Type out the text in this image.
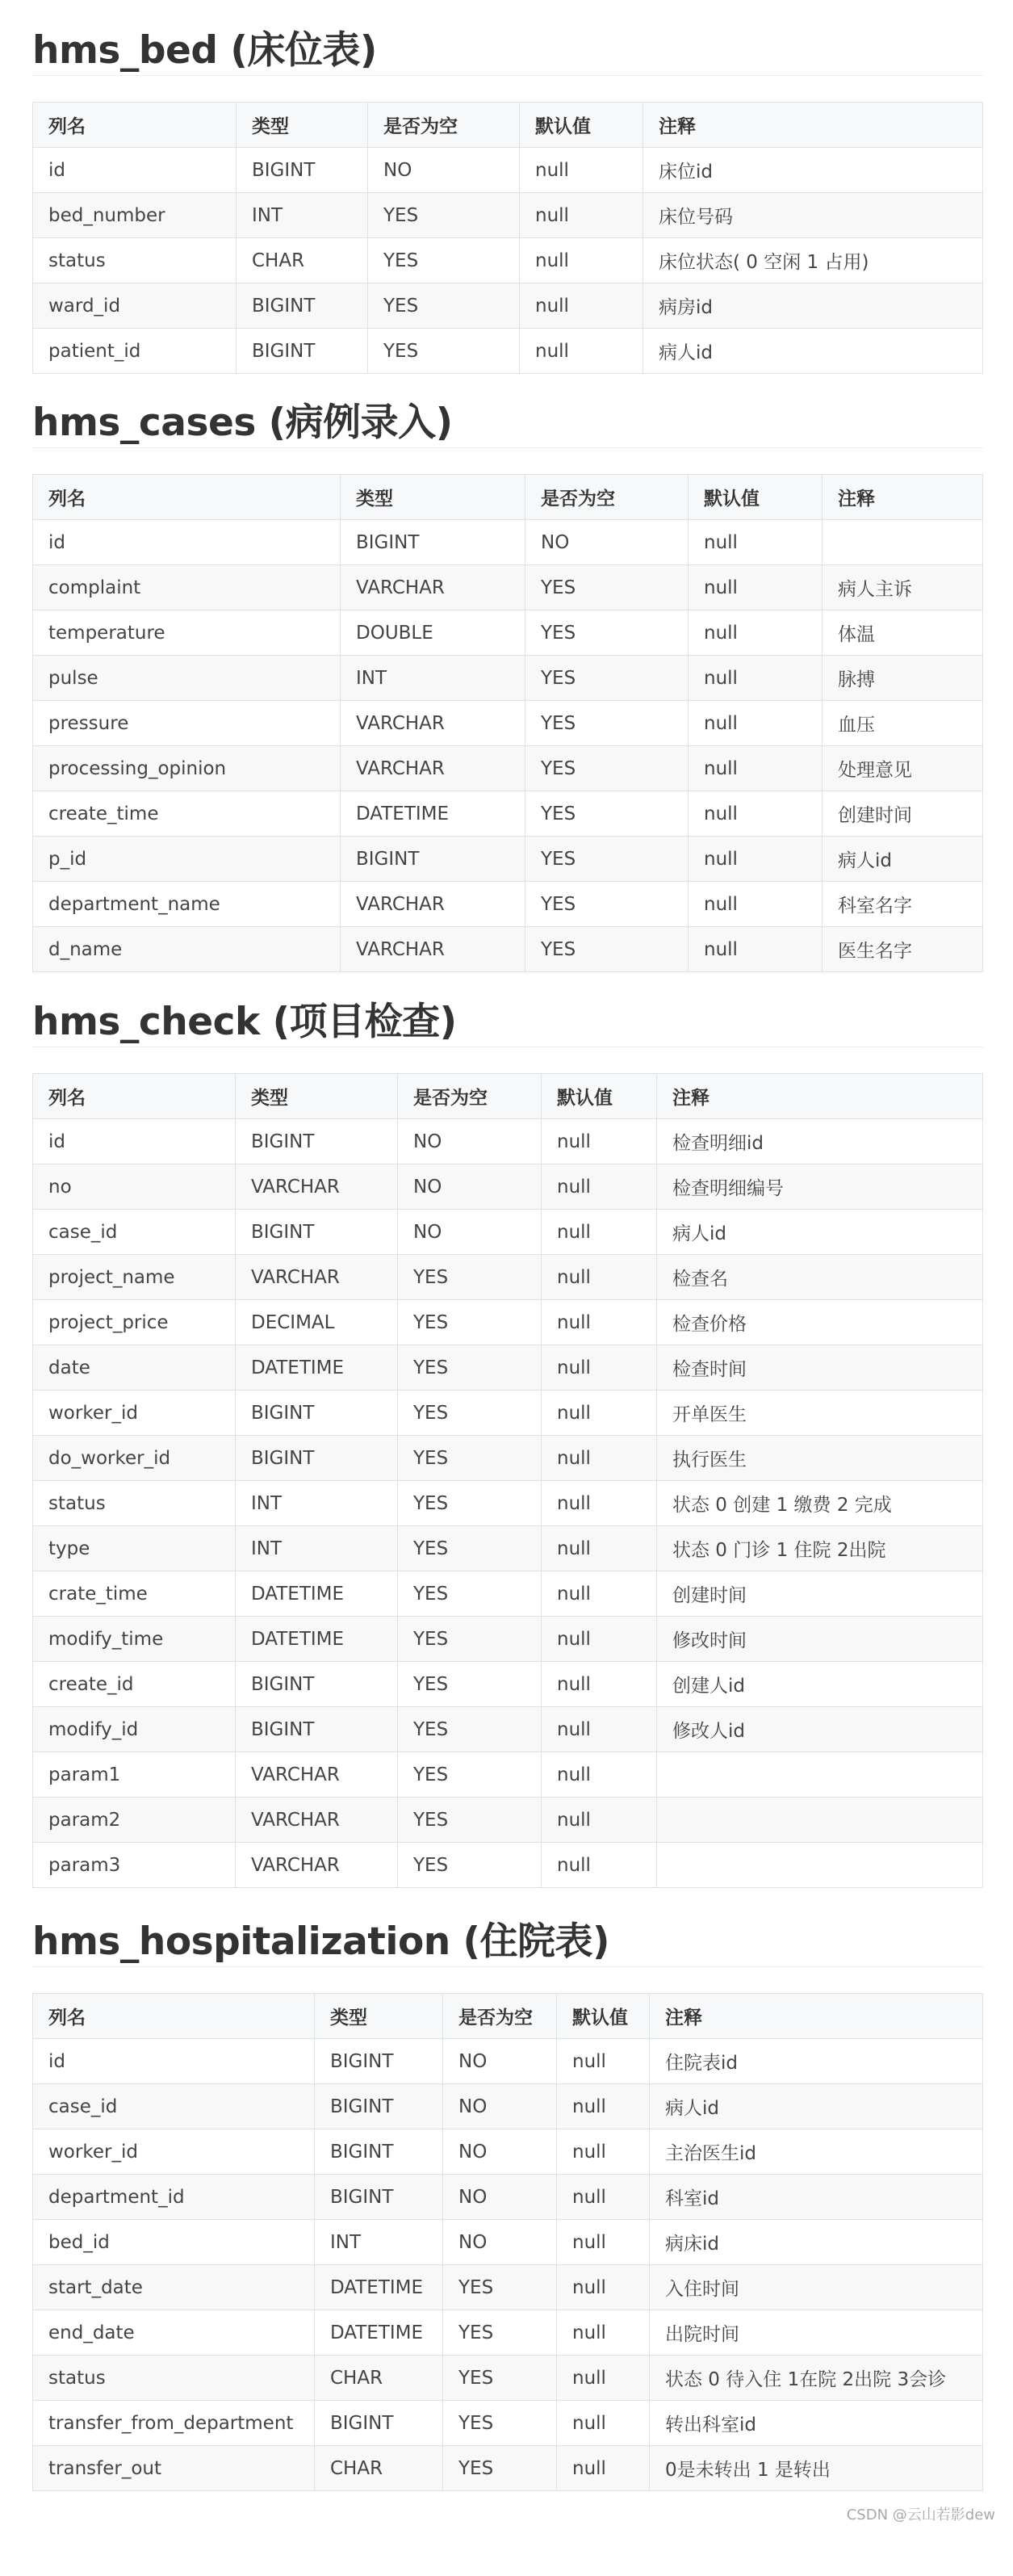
hms_bed (床位表)
列名	类型	是否为空	默认值	注释
id	BIGINT	NO	null	床位id
bed_number	INT	YES	null	床位号码
status	CHAR	YES	null	床位状态( 0 空闲 1 占用)
ward_id	BIGINT	YES	null	病房id
patient_id	BIGINT	YES	null	病人id
hms_cases (病例录入)
列名	类型	是否为空	默认值	注释
id	BIGINT	NO	null	
complaint	VARCHAR	YES	null	病人主诉
temperature	DOUBLE	YES	null	体温
pulse	INT	YES	null	脉搏
pressure	VARCHAR	YES	null	血压
processing_opinion	VARCHAR	YES	null	处理意见
create_time	DATETIME	YES	null	创建时间
p_id	BIGINT	YES	null	病人id
department_name	VARCHAR	YES	null	科室名字
d_name	VARCHAR	YES	null	医生名字
hms_check (项目检查)
列名	类型	是否为空	默认值	注释
id	BIGINT	NO	null	检查明细id
no	VARCHAR	NO	null	检查明细编号
case_id	BIGINT	NO	null	病人id
project_name	VARCHAR	YES	null	检查名
project_price	DECIMAL	YES	null	检查价格
date	DATETIME	YES	null	检查时间
worker_id	BIGINT	YES	null	开单医生
do_worker_id	BIGINT	YES	null	执行医生
status	INT	YES	null	状态 0 创建 1 缴费 2 完成
type	INT	YES	null	状态 0 门诊 1 住院 2出院
crate_time	DATETIME	YES	null	创建时间
modify_time	DATETIME	YES	null	修改时间
create_id	BIGINT	YES	null	创建人id
modify_id	BIGINT	YES	null	修改人id
param1	VARCHAR	YES	null	
param2	VARCHAR	YES	null	
param3	VARCHAR	YES	null	
hms_hospitalization (住院表)
列名	类型	是否为空	默认值	注释
id	BIGINT	NO	null	住院表id
case_id	BIGINT	NO	null	病人id
worker_id	BIGINT	NO	null	主治医生id
department_id	BIGINT	NO	null	科室id
bed_id	INT	NO	null	病床id
start_date	DATETIME	YES	null	入住时间
end_date	DATETIME	YES	null	出院时间
status	CHAR	YES	null	状态 0 待入住 1在院 2出院 3会诊
transfer_from_department	BIGINT	YES	null	转出科室id
transfer_out	CHAR	YES	null	0是未转出 1 是转出
CSDN @云山若影dew
